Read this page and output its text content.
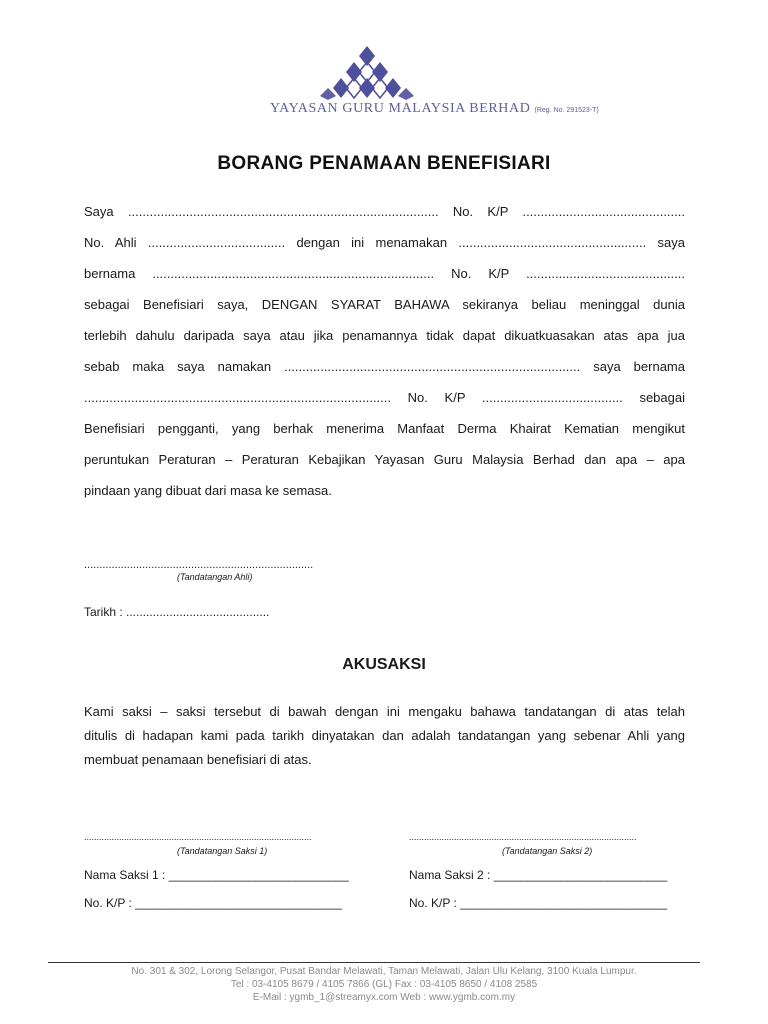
YAYASAN GURU MALAYSIA BERHAD (Reg. No. 291523-T)
BORANG PENAMAAN BENEFISIARI

Saya ...................................................................................... No. K/P .............................................

No. Ahli ...................................... dengan ini menamakan .................................................... saya

bernama .............................................................................. No. K/P ............................................

sebagai Benefisiari saya, DENGAN SYARAT BAHAWA sekiranya beliau meninggal dunia

terlebih dahulu daripada saya atau jika penamannya tidak dapat dikuatkuasakan atas apa jua

sebab maka saya namakan .................................................................................. saya bernama

..................................................................................... No. K/P ....................................... sebagai

Benefisiari pengganti, yang berhak menerima Manfaat Derma Khairat Kematian mengikut

peruntukan Peraturan – Peraturan Kebajikan Yayasan Guru Malaysia Berhad dan apa – apa

pindaan yang dibuat dari masa ke semasa.

...........................................................................
(Tandatangan Ahli)
Tarikh : ...........................................
AKUSAKSI

Kami saksi – saksi tersebut di bawah dengan ini mengaku bahawa tandatangan di atas telah

ditulis di hadapan kami pada tarikh dinyatakan dan adalah tandatangan yang sebenar Ahli yang

membuat penamaan benefisiari di atas.

...........................................................................................
(Tandatangan Saksi 1)
Nama Saksi 1 : ___________________________
No. K/P : _______________________________
...........................................................................................
(Tandatangan Saksi 2)
Nama Saksi 2 : __________________________
No. K/P : _______________________________
No. 301 & 302, Lorong Selangor, Pusat Bandar Melawati, Taman Melawati, Jalan Ulu Kelang, 3100 Kuala Lumpur.
Tel : 03-4105 8679 / 4105 7866 (GL) Fax : 03-4105 8650 / 4108 2585
E-Mail : ygmb_1@streamyx.com Web : www.ygmb.com.my
